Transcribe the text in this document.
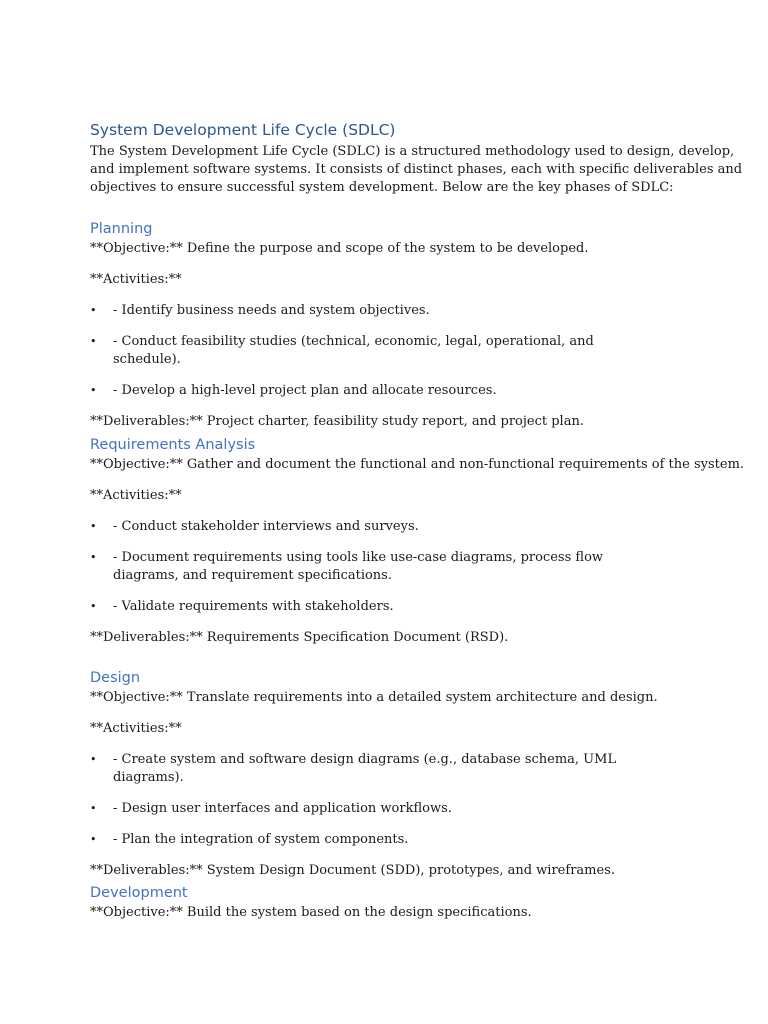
System Development Life Cycle (SDLC)

The System Development Life Cycle (SDLC) is a structured methodology used to design, develop,
and implement software systems. It consists of distinct phases, each with specific deliverables and
objectives to ensure successful system development. Below are the key phases of SDLC:

Planning

**Objective:** Define the purpose and scope of the system to be developed.

**Activities:**

•	- Identify business needs and system objectives.
•	- Conduct feasibility studies (technical, economic, legal, operational, and schedule).
•	- Develop a high-level project plan and allocate resources.

**Deliverables:** Project charter, feasibility study report, and project plan.

Requirements Analysis

**Objective:** Gather and document the functional and non-functional requirements of the system.

**Activities:**

•	- Conduct stakeholder interviews and surveys.
•	- Document requirements using tools like use-case diagrams, process flow diagrams, and requirement specifications.
•	- Validate requirements with stakeholders.

**Deliverables:** Requirements Specification Document (RSD).

Design

**Objective:** Translate requirements into a detailed system architecture and design.

**Activities:**

•	- Create system and software design diagrams (e.g., database schema, UML diagrams).
•	- Design user interfaces and application workflows.
•	- Plan the integration of system components.

**Deliverables:** System Design Document (SDD), prototypes, and wireframes.

Development

**Objective:** Build the system based on the design specifications.
